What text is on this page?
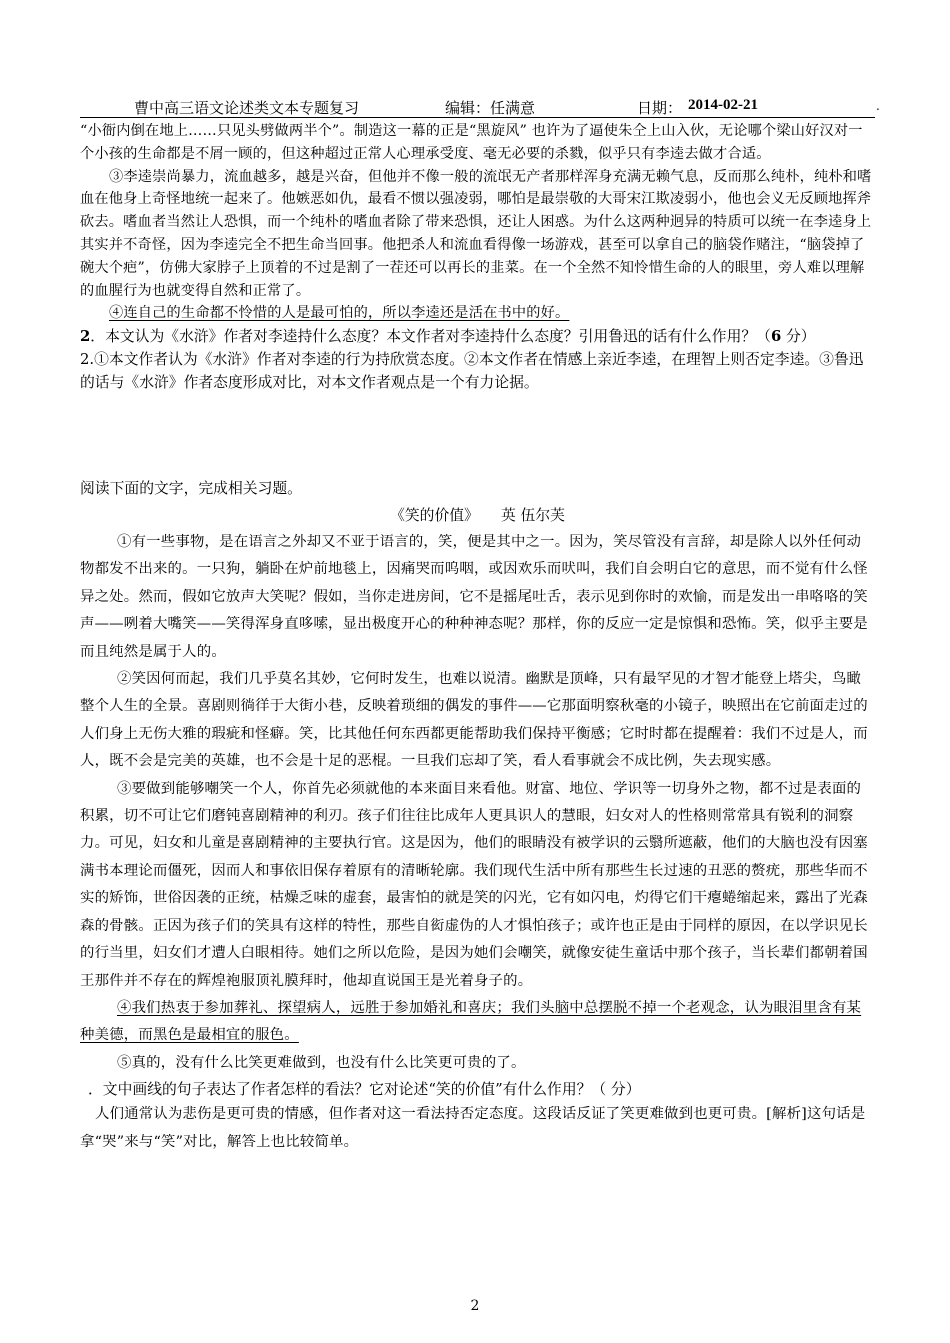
曹中高三语文论述类文本专题复习	编辑：任满意	日期： 2014-02-21	.

“小衙内倒在地上……只见头劈做两半个”。制造这一幕的正是“黑旋风” 也许为了逼使朱仝上山入伙，无论哪个梁山好汉对一个小孩的生命都是不屑一顾的，但这种超过正常人心理承受度、毫无必要的杀戮，似乎只有李逵去做才合适。

③李逵崇尚暴力，流血越多，越是兴奋，但他并不像一般的流氓无产者那样浑身充满无赖气息，反而那么纯朴，纯朴和嗜血在他身上奇怪地统一起来了。他嫉恶如仇，最看不惯以强凌弱，哪怕是最崇敬的大哥宋江欺凌弱小，他也会义无反顾地挥斧砍去。嗜血者当然让人恐惧，而一个纯朴的嗜血者除了带来恐惧，还让人困惑。为什么这两种迥异的特质可以统一在李逵身上 其实并不奇怪，因为李逵完全不把生命当回事。他把杀人和流血看得像一场游戏，甚至可以拿自己的脑袋作赌注，“脑袋掉了碗大个疤”，仿佛大家脖子上顶着的不过是割了一茬还可以再长的韭菜。在一个全然不知怜惜生命的人的眼里，旁人难以理解的血腥行为也就变得自然和正常了。

④连自己的生命都不怜惜的人是最可怕的，所以李逵还是活在书中的好。

2．本文认为《水浒》作者对李逵持什么态度？本文作者对李逵持什么态度？引用鲁迅的话有什么作用？（6 分）

2.①本文作者认为《水浒》作者对李逵的行为持欣赏态度。②本文作者在情感上亲近李逵，在理智上则否定李逵。③鲁迅的话与《水浒》作者态度形成对比，对本文作者观点是一个有力论据。

阅读下面的文字，完成相关习题。

《笑的价值》　　英 伍尔芙

①有一些事物，是在语言之外却又不亚于语言的，笑，便是其中之一。因为，笑尽管没有言辞，却是除人以外任何动物都发不出来的。一只狗，躺卧在炉前地毯上，因痛哭而呜咽，或因欢乐而吠叫，我们自会明白它的意思，而不觉有什么怪异之处。然而，假如它放声大笑呢？假如，当你走进房间，它不是摇尾吐舌，表示见到你时的欢愉，而是发出一串咯咯的笑声——咧着大嘴笑——笑得浑身直哆嗦，显出极度开心的种种神态呢？那样，你的反应一定是惊惧和恐怖。笑，似乎主要是而且纯然是属于人的。

②笑因何而起，我们几乎莫名其妙，它何时发生，也难以说清。幽默是顶峰，只有最罕见的才智才能登上塔尖，鸟瞰整个人生的全景。喜剧则徜徉于大街小巷，反映着琐细的偶发的事件——它那面明察秋毫的小镜子，映照出在它前面走过的人们身上无伤大雅的瑕疵和怪癖。笑，比其他任何东西都更能帮助我们保持平衡感；它时时都在提醒着：我们不过是人，而人，既不会是完美的英雄，也不会是十足的恶棍。一旦我们忘却了笑，看人看事就会不成比例，失去现实感。

③要做到能够嘲笑一个人，你首先必须就他的本来面目来看他。财富、地位、学识等一切身外之物，都不过是表面的积累，切不可让它们磨钝喜剧精神的利刃。孩子们往往比成年人更具识人的慧眼，妇女对人的性格则常常具有锐利的洞察力。可见，妇女和儿童是喜剧精神的主要执行官。这是因为，他们的眼睛没有被学识的云翳所遮蔽，他们的大脑也没有因塞满书本理论而僵死，因而人和事依旧保存着原有的清晰轮廓。我们现代生活中所有那些生长过速的丑恶的赘疣，那些华而不实的矫饰，世俗因袭的正统，枯燥乏味的虚套，最害怕的就是笑的闪光，它有如闪电，灼得它们干瘪蜷缩起来，露出了光森森的骨骸。正因为孩子们的笑具有这样的特性，那些自衒虚伪的人才惧怕孩子；或许也正是由于同样的原因，在以学识见长的行当里，妇女们才遭人白眼相待。她们之所以危险，是因为她们会嘲笑，就像安徒生童话中那个孩子，当长辈们都朝着国王那件并不存在的辉煌袍服顶礼膜拜时，他却直说国王是光着身子的。

④我们热衷于参加葬礼、探望病人，远胜于参加婚礼和喜庆；我们头脑中总摆脱不掉一个老观念，认为眼泪里含有某种美德，而黑色是最相宜的服色。

⑤真的，没有什么比笑更难做到，也没有什么比笑更可贵的了。

．文中画线的句子表达了作者怎样的看法？它对论述“笑的价值”有什么作用？（ 分）

人们通常认为悲伤是更可贵的情感，但作者对这一看法持否定态度。这段话反证了笑更难做到也更可贵。[解析]这句话是拿“哭”来与“笑”对比，解答上也比较简单。

2
